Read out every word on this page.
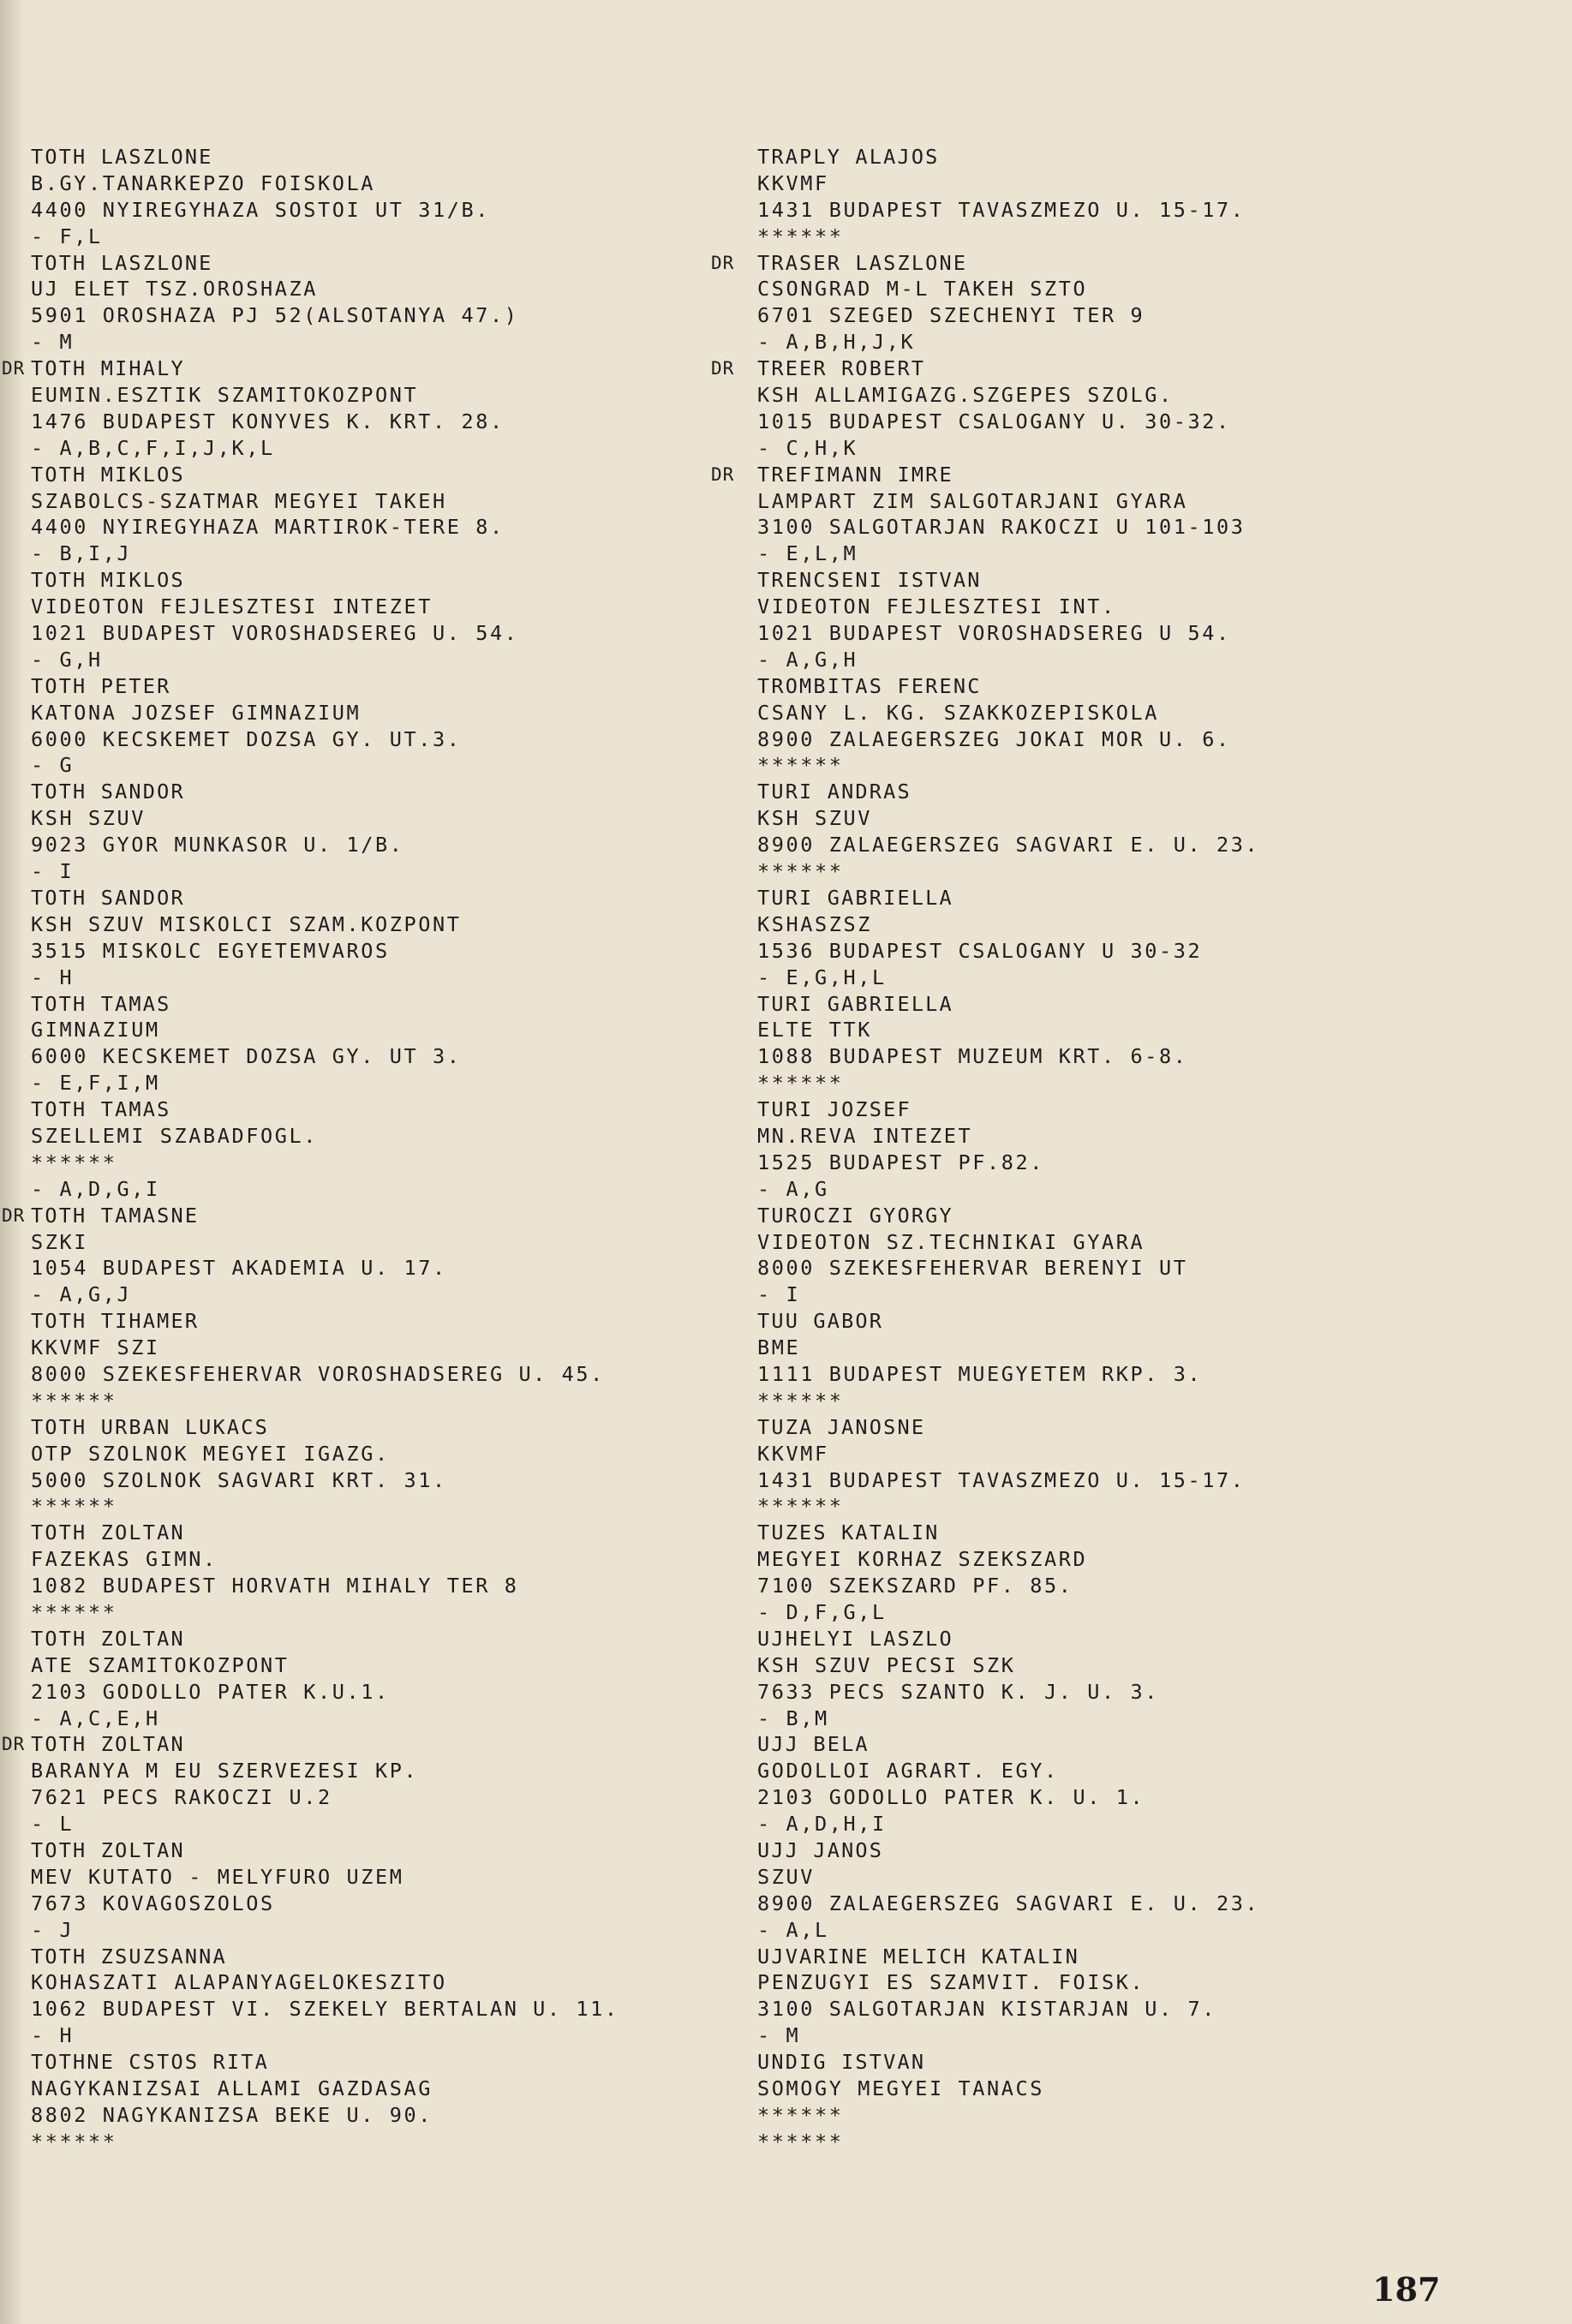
TOTH LASZLONE
B.GY.TANARKEPZO FOISKOLA
4400 NYIREGYHAZA SOSTOI UT 31/B.
- F,L
TOTH LASZLONE
UJ ELET TSZ.OROSHAZA
5901 OROSHAZA PJ 52(ALSOTANYA 47.)
- M
DR TOTH MIHALY
EUMIN.ESZTIK SZAMITOKOZPONT
1476 BUDAPEST KONYVES K. KRT. 28.
- A,B,C,F,I,J,K,L
TOTH MIKLOS
SZABOLCS-SZATMAR MEGYEI TAKEH
4400 NYIREGYHAZA MARTIROK-TERE 8.
- B,I,J
TOTH MIKLOS
VIDEOTON FEJLESZTESI INTEZET
1021 BUDAPEST VOROSHADSEREG U. 54.
- G,H
TOTH PETER
KATONA JOZSEF GIMNAZIUM
6000 KECSKEMET DOZSA GY. UT.3.
- G
TOTH SANDOR
KSH SZUV
9023 GYOR MUNKASOR U. 1/B.
- I
TOTH SANDOR
KSH SZUV MISKOLCI SZAM.KOZPONT
3515 MISKOLC EGYETEMVAROS
- H
TOTH TAMAS
GIMNAZIUM
6000 KECSKEMET DOZSA GY. UT 3.
- E,F,I,M
TOTH TAMAS
SZELLEMI SZABADFOGL.
******
- A,D,G,I
DR TOTH TAMASNE
SZKI
1054 BUDAPEST AKADEMIA U. 17.
- A,G,J
TOTH TIHAMER
KKVMF SZI
8000 SZEKESFEHERVAR VOROSHADSEREG U. 45.
******
TOTH URBAN LUKACS
OTP SZOLNOK MEGYEI IGAZG.
5000 SZOLNOK SAGVARI KRT. 31.
******
TOTH ZOLTAN
FAZEKAS GIMN.
1082 BUDAPEST HORVATH MIHALY TER 8
******
TOTH ZOLTAN
ATE SZAMITOKOZPONT
2103 GODOLLO PATER K.U.1.
- A,C,E,H
DR TOTH ZOLTAN
BARANYA M EU SZERVEZESI KP.
7621 PECS RAKOCZI U.2
- L
TOTH ZOLTAN
MEV KUTATO - MELYFURO UZEM
7673 KOVAGOSZOLOS
- J
TOTH ZSUZSANNA
KOHASZATI ALAPANYAGELOKESZITO
1062 BUDAPEST VI. SZEKELY BERTALAN U. 11.
- H
TOTHNE CSTOS RITA
NAGYKANIZSAI ALLAMI GAZDASAG
8802 NAGYKANIZSA BEKE U. 90.
******
TRAPLY ALAJOS
KKVMF
1431 BUDAPEST TAVASZMEZO U. 15-17.
******
DR	TRASER LASZLONE
CSONGRAD M-L TAKEH SZTO
6701 SZEGED SZECHENYI TER 9
- A,B,H,J,K
DR	TREER ROBERT
KSH ALLAMIGAZG.SZGEPES SZOLG.
1015 BUDAPEST CSALOGANY U. 30-32.
- C,H,K
DR	TREFIMANN IMRE
LAMPART ZIM SALGOTARJANI GYARA
3100 SALGOTARJAN RAKOCZI U 101-103
- E,L,M
TRENCSENI ISTVAN
VIDEOTON FEJLESZTESI INT.
1021 BUDAPEST VOROSHADSEREG U 54.
- A,G,H
TROMBITAS FERENC
CSANY L. KG. SZAKKOZEPISKOLA
8900 ZALAEGERSZEG JOKAI MOR U. 6.
******
TURI ANDRAS
KSH SZUV
8900 ZALAEGERSZEG SAGVARI E. U. 23.
******
TURI GABRIELLA
KSHASZSZ
1536 BUDAPEST CSALOGANY U 30-32
- E,G,H,L
TURI GABRIELLA
ELTE TTK
1088 BUDAPEST MUZEUM KRT. 6-8.
******
TURI JOZSEF
MN.REVA INTEZET
1525 BUDAPEST PF.82.
- A,G
TUROCZI GYORGY
VIDEOTON SZ.TECHNIKAI GYARA
8000 SZEKESFEHERVAR BERENYI UT
- I
TUU GABOR
BME
1111 BUDAPEST MUEGYETEM RKP. 3.
******
TUZA JANOSNE
KKVMF
1431 BUDAPEST TAVASZMEZO U. 15-17.
******
TUZES KATALIN
MEGYEI KORHAZ SZEKSZARD
7100 SZEKSZARD PF. 85.
- D,F,G,L
UJHELYI LASZLO
KSH SZUV PECSI SZK
7633 PECS SZANTO K. J. U. 3.
- B,M
UJJ BELA
GODOLLOI AGRART. EGY.
2103 GODOLLO PATER K. U. 1.
- A,D,H,I
UJJ JANOS
SZUV
8900 ZALAEGERSZEG SAGVARI E. U. 23.
- A,L
UJVARINE MELICH KATALIN
PENZUGYI ES SZAMVIT. FOISK.
3100 SALGOTARJAN KISTARJAN U. 7.
- M
UNDIG ISTVAN
SOMOGY MEGYEI TANACS
******
******
187
